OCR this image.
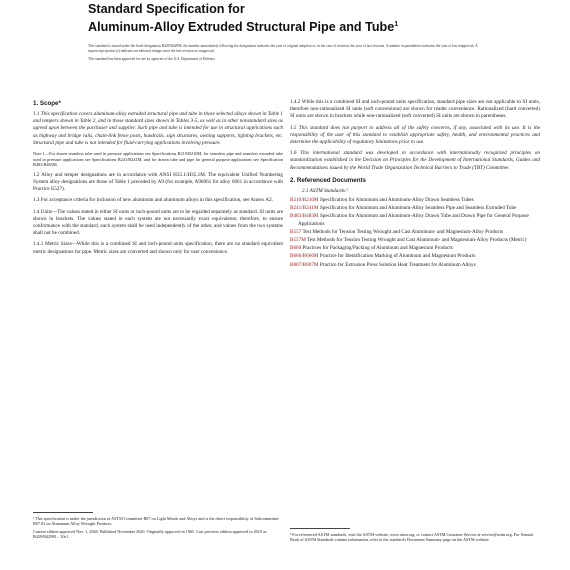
Standard Specification for
Aluminum-Alloy Extruded Structural Pipe and Tube$^1$

This standard is issued under the fixed designation B429/B429M; the number immediately following the designation indicates the year of original adoption or, in the case of revision, the year of last revision. A number in parentheses indicates the year of last reapproval. A superscript epsilon (ε) indicates an editorial change since the last revision or reapproval.

This standard has been approved for use by agencies of the U.S. Department of Defense.

1. Scope*

1.1 This specification covers aluminum-alloy extruded structural pipe and tube in those selected alloys shown in Table 1 and tempers shown in Table 2, and in those standard sizes shown in Tables 3-5, as well as in other nonstandard sizes as agreed upon between the purchaser and supplier. Such pipe and tube is intended for use in structural applications such as highway and bridge rails, chain-link fence posts, handrails, sign structures, awning supports, lighting brackets, etc. Structural pipe and tube is not intended for fluid-carrying applications involving pressure.

Note 1—For drawn seamless tube used in pressure applications see Specifications B210/B210M, for seamless pipe and seamless extruded tube used in pressure applications see Specifications B241/B241M, and for drawn tube and pipe for general purpose applications see Specification B483/B483M.

1.2 Alloy and temper designations are in accordance with ANSI H35.1/H35.1M. The equivalent Unified Numbering System alloy designations are those of Table 1 preceded by A9 (for example, A96061 for alloy 6061 in accordance with Practice E527).

1.3 For acceptance criteria for inclusion of new aluminum and aluminum alloys in this specification, see Annex A2.

1.4 Units—The values stated in either SI units or inch-pound units are to be regarded separately as standard. SI units are shown in brackets. The values stated in each system are not necessarily exact equivalents; therefore, to ensure conformance with the standard, each system shall be used independently of the other, and values from the two systems shall not be combined.

1.4.1 Metric Sizes—While this is a combined SI and inch-pound units specification, there are no standard equivalent metric designations for pipe. Metric sizes are converted and shown only for user convenience.

¹ This specification is under the jurisdiction of ASTM Committee B07 on Light Metals and Alloys and is the direct responsibility of Subcommittee B07.03 on Aluminum Alloy Wrought Products.

Current edition approved Nov. 1, 2020. Published November 2020. Originally approved in 1965. Last previous edition approved in 2010 as B429/B429M – 10ε1.

1.4.2 While this is a combined SI and inch-pound units specification, standard pipe sizes are not applicable to SI units, therefore non-rationalized SI units (soft conversions) are shown for reader convenience. Rationalized (hard converted) SI units are shown in brackets while non-rationalized (soft converted) SI units are shown in parentheses.

1.5 This standard does not purport to address all of the safety concerns, if any, associated with its use. It is the responsibility of the user of this standard to establish appropriate safety, health, and environmental practices and determine the applicability of regulatory limitations prior to use.

1.6 This international standard was developed in accordance with internationally recognized principles on standardization established in the Decision on Principles for the Development of International Standards, Guides and Recommendations issued by the World Trade Organization Technical Barriers to Trade (TBT) Committee.

2. Referenced Documents
2.1 ASTM Standards:²

B210/B210M Specification for Aluminum and Aluminum-Alloy Drawn Seamless Tubes

B241/B241M Specification for Aluminum and Aluminum-Alloy Seamless Pipe and Seamless Extruded Tube

B483/B483M Specification for Aluminum and Aluminum-Alloy Drawn Tube and Drawn Pipe for General Purpose Applications

B557 Test Methods for Tension Testing Wrought and Cast Aluminum- and Magnesium-Alloy Products

B557M Test Methods for Tension Testing Wrought and Cast Aluminum- and Magnesium-Alloy Products (Metric)

B660 Practices for Packaging/Packing of Aluminum and Magnesium Products

B666/B666M Practice for Identification Marking of Aluminum and Magnesium Products

B807/B807M Practice for Extrusion Press Solution Heat Treatment for Aluminum Alloys

² For referenced ASTM standards, visit the ASTM website, www.astm.org, or contact ASTM Customer Service at service@astm.org. For Annual Book of ASTM Standards volume information, refer to the standard's Document Summary page on the ASTM website.
